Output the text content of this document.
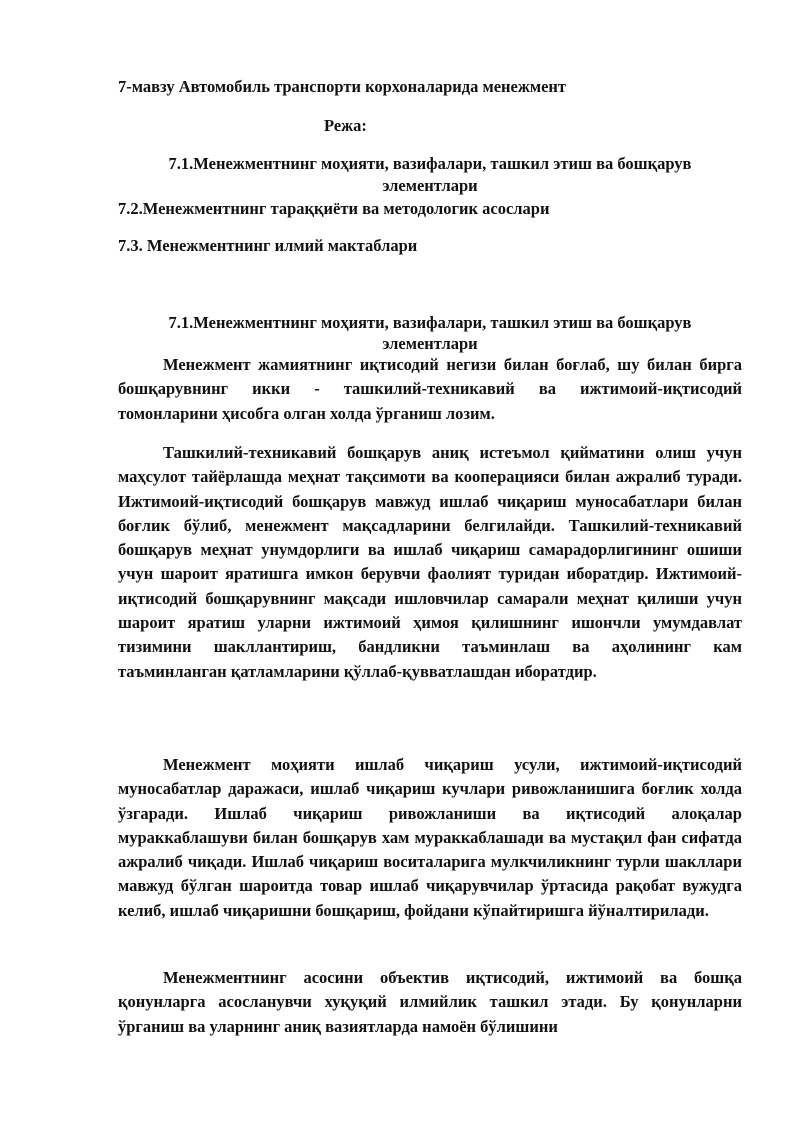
7-мавзу Автомобиль транспорти корхоналарида менежмент
Режа:
7.1.Менежментнинг моҳияти, вазифалари, ташкил этиш ва бошқарув
элементлари
7.2.Менежментнинг тараққиёти ва методологик асослари
7.3. Менежментнинг илмий мактаблари
7.1.Менежментнинг моҳияти, вазифалари, ташкил этиш ва бошқарув
элементлари

Менежмент жамиятнинг иқтисодий негизи билан боғлаб, шу билан бирга бошқарувнинг икки - ташкилий-техникавий ва ижтимоий-иқтисодий томонларини ҳисобга олган холда ўрганиш лозим.

Ташкилий-техникавий бошқарув аниқ истеъмол қийматини олиш учун маҳсулот тайёрлашда меҳнат тақсимоти ва кооперацияси билан ажралиб туради. Ижтимоий-иқтисодий бошқарув мавжуд ишлаб чиқариш муносабатлари билан боғлик бўлиб, менежмент мақсадларини белгилайди. Ташкилий-техникавий бошқарув меҳнат унумдорлиги ва ишлаб чиқариш самарадорлигининг ошиши учун шароит яратишга имкон берувчи фаолият туридан иборатдир. Ижтимоий-иқтисодий бошқарувнинг мақсади ишловчилар самарали меҳнат қилиши учун шароит яратиш уларни ижтимоий ҳимоя қилишнинг ишончли умумдавлат тизимини шакллантириш, бандликни таъминлаш ва аҳолининг кам таъминланган қатламларини қўллаб-қувватлашдан иборатдир.

Менежмент моҳияти ишлаб чиқариш усули, ижтимоий-иқтисодий муносабатлар даражаси, ишлаб чиқариш кучлари ривожланишига боғлик холда ўзгаради. Ишлаб чиқариш ривожланиши ва иқтисодий алоқалар мураккаблашуви билан бошқарув хам мураккаблашади ва мустақил фан сифатда ажралиб чиқади. Ишлаб чиқариш воситаларига мулкчиликнинг турли шакллари мавжуд бўлган шароитда товар ишлаб чиқарувчилар ўртасида рақобат вужудга келиб, ишлаб чиқаришни бошқариш, фойдани кўпайтиришга йўналтирилади.

Менежментнинг асосини объектив иқтисодий, ижтимоий ва бошқа қонунларга асосланувчи хуқуқий илмийлик ташкил этади. Бу қонунларни ўрганиш ва уларнинг аниқ вазиятларда намоён бўлишини
